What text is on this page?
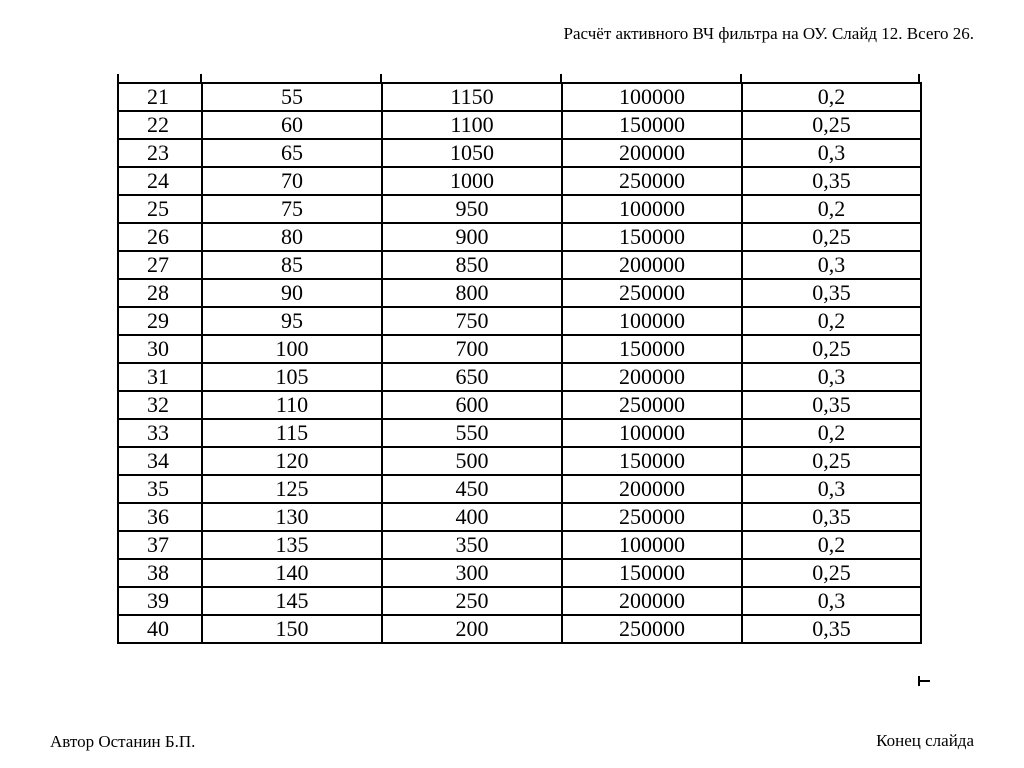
Расчёт активного ВЧ фильтра на ОУ. Слайд 12. Всего 26.
21	55	1150	100000	0,2
22	60	1100	150000	0,25
23	65	1050	200000	0,3
24	70	1000	250000	0,35
25	75	950	100000	0,2
26	80	900	150000	0,25
27	85	850	200000	0,3
28	90	800	250000	0,35
29	95	750	100000	0,2
30	100	700	150000	0,25
31	105	650	200000	0,3
32	110	600	250000	0,35
33	115	550	100000	0,2
34	120	500	150000	0,25
35	125	450	200000	0,3
36	130	400	250000	0,35
37	135	350	100000	0,2
38	140	300	150000	0,25
39	145	250	200000	0,3
40	150	200	250000	0,35
Автор Останин Б.П.	Конец слайда
